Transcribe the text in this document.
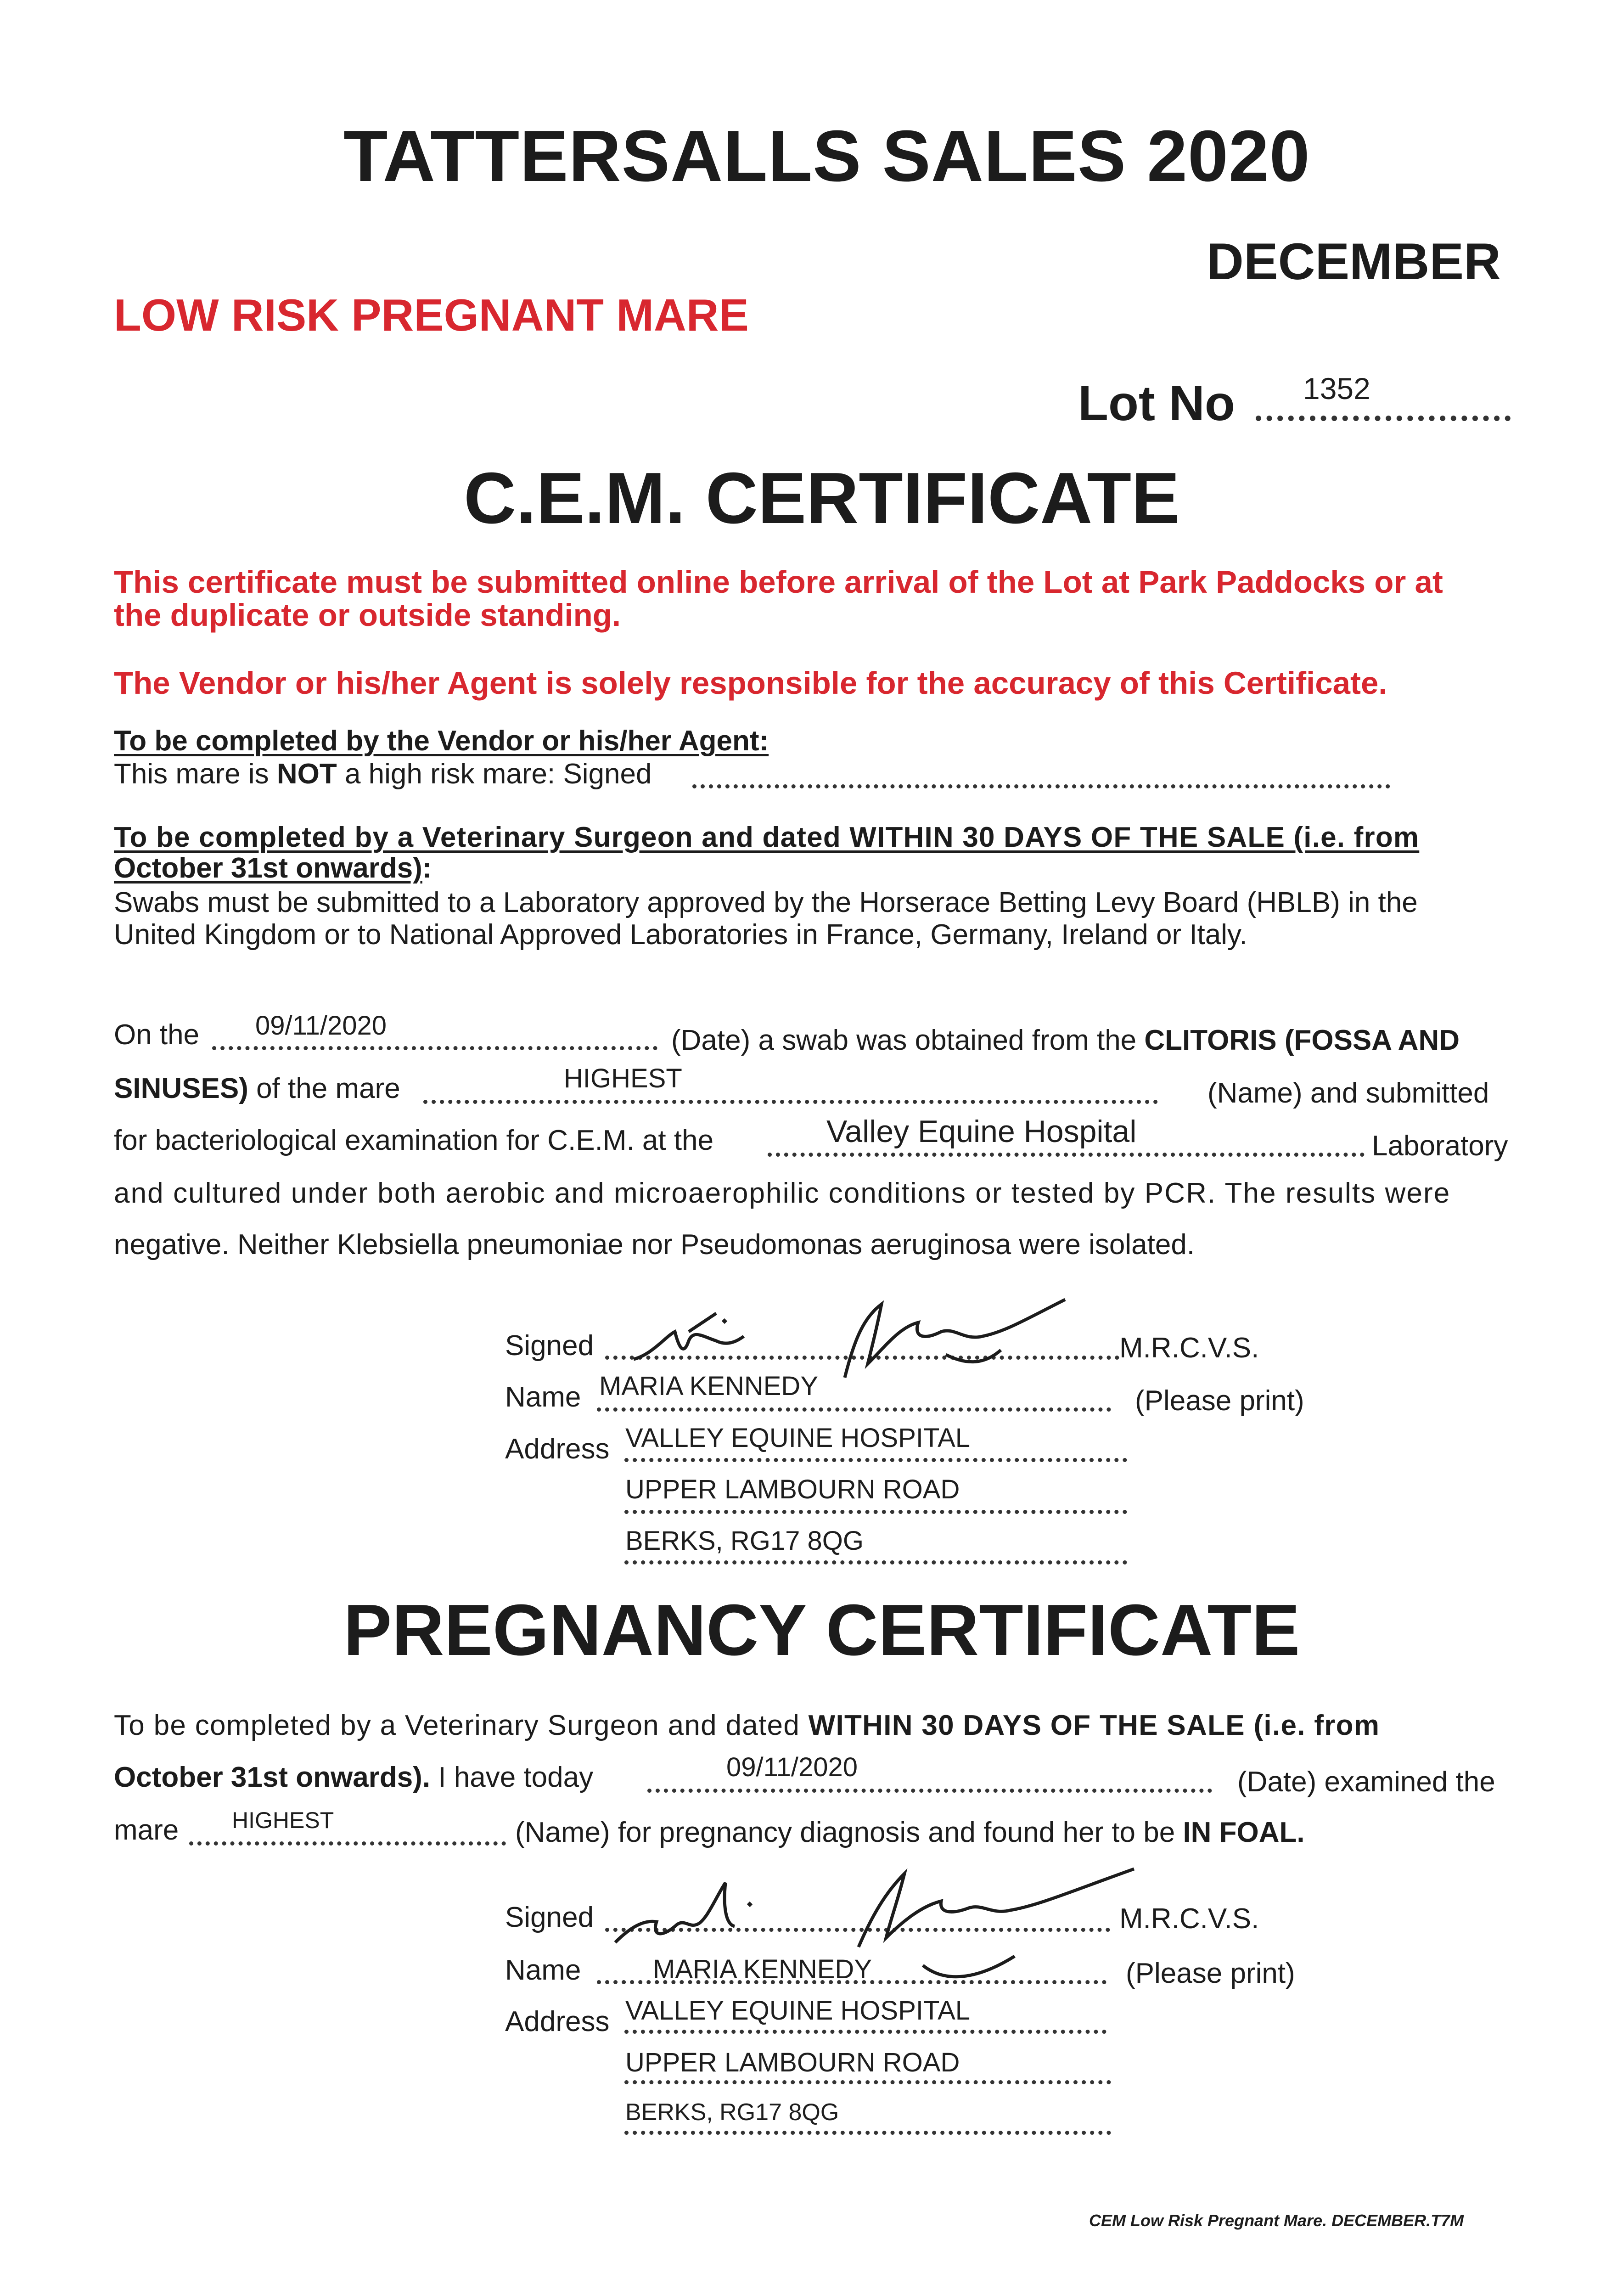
TATTERSALLS SALES 2020
DECEMBER
LOW RISK PREGNANT MARE
Lot No 1352
C.E.M. CERTIFICATE
This certificate must be submitted online before arrival of the Lot at Park Paddocks or at
the duplicate or outside standing.
The Vendor or his/her Agent is solely responsible for the accuracy of this Certificate.
To be completed by the Vendor or his/her Agent:
This mare is NOT a high risk mare: Signed
To be completed by a Veterinary Surgeon and dated WITHIN 30 DAYS OF THE SALE (i.e. from
October 31st onwards):
Swabs must be submitted to a Laboratory approved by the Horserace Betting Levy Board (HBLB) in the
United Kingdom or to National Approved Laboratories in France, Germany, Ireland or Italy.
On the 09/11/2020	(Date) a swab was obtained from the CLITORIS (FOSSA AND
SINUSES) of the mare	HIGHEST	(Name) and submitted
for bacteriological examination for C.E.M. at the	Valley Equine Hospital	Laboratory
and cultured under both aerobic and microaerophilic conditions or tested by PCR. The results were
negative. Neither Klebsiella pneumoniae nor Pseudomonas aeruginosa were isolated.
Signed	M.R.C.V.S.
Name MARIA KENNEDY	(Please print)
Address VALLEY EQUINE HOSPITAL
UPPER LAMBOURN ROAD
BERKS, RG17 8QG
PREGNANCY CERTIFICATE
To be completed by a Veterinary Surgeon and dated WITHIN 30 DAYS OF THE SALE (i.e. from
October 31st onwards). I have today	09/11/2020	(Date) examined the
mare HIGHEST	(Name) for pregnancy diagnosis and found her to be IN FOAL.
Signed	M.R.C.V.S.
Name	MARIA KENNEDY	(Please print)
Address VALLEY EQUINE HOSPITAL
UPPER LAMBOURN ROAD
BERKS, RG17 8QG
CEM Low Risk Pregnant Mare. DECEMBER.T7M
